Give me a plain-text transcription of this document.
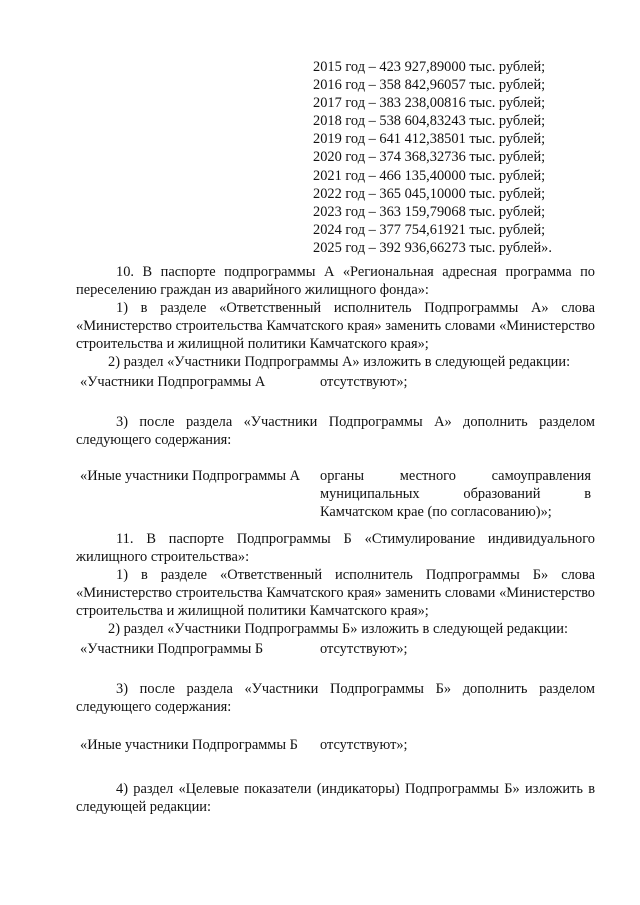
2015 год – 423 927,89000 тыс. рублей;
2016 год – 358 842,96057 тыс. рублей;
2017 год – 383 238,00816 тыс. рублей;
2018 год – 538 604,83243 тыс. рублей;
2019 год – 641 412,38501 тыс. рублей;
2020 год – 374 368,32736 тыс. рублей;
2021 год – 466 135,40000 тыс. рублей;
2022 год – 365 045,10000 тыс. рублей;
2023 год – 363 159,79068 тыс. рублей;
2024 год – 377 754,61921 тыс. рублей;
2025 год – 392 936,66273 тыс. рублей».

10. В паспорте подпрограммы А «Региональная адресная программа по переселению граждан из аварийного жилищного фонда»:

1) в разделе «Ответственный исполнитель Подпрограммы А» слова «Министерство строительства Камчатского края» заменить словами «Министерство строительства и жилищной политики Камчатского края»;

2) раздел «Участники Подпрограммы А» изложить в следующей редакции:

«Участники Подпрограммы А	отсутствуют»;

3) после раздела «Участники Подпрограммы А» дополнить разделом следующего содержания:

«Иные участники Подпрограммы А органы местного самоуправления
муниципальных образований в
Камчатском крае (по согласованию)»;

11. В паспорте Подпрограммы Б «Стимулирование индивидуального жилищного строительства»:

1) в разделе «Ответственный исполнитель Подпрограммы Б» слова «Министерство строительства Камчатского края» заменить словами «Министерство строительства и жилищной политики Камчатского края»;

2) раздел «Участники Подпрограммы Б» изложить в следующей редакции:

«Участники Подпрограммы Б	отсутствуют»;

3) после раздела «Участники Подпрограммы Б» дополнить разделом следующего содержания:

«Иные участники Подпрограммы Б отсутствуют»;

4) раздел «Целевые показатели (индикаторы) Подпрограммы Б» изложить в следующей редакции:
